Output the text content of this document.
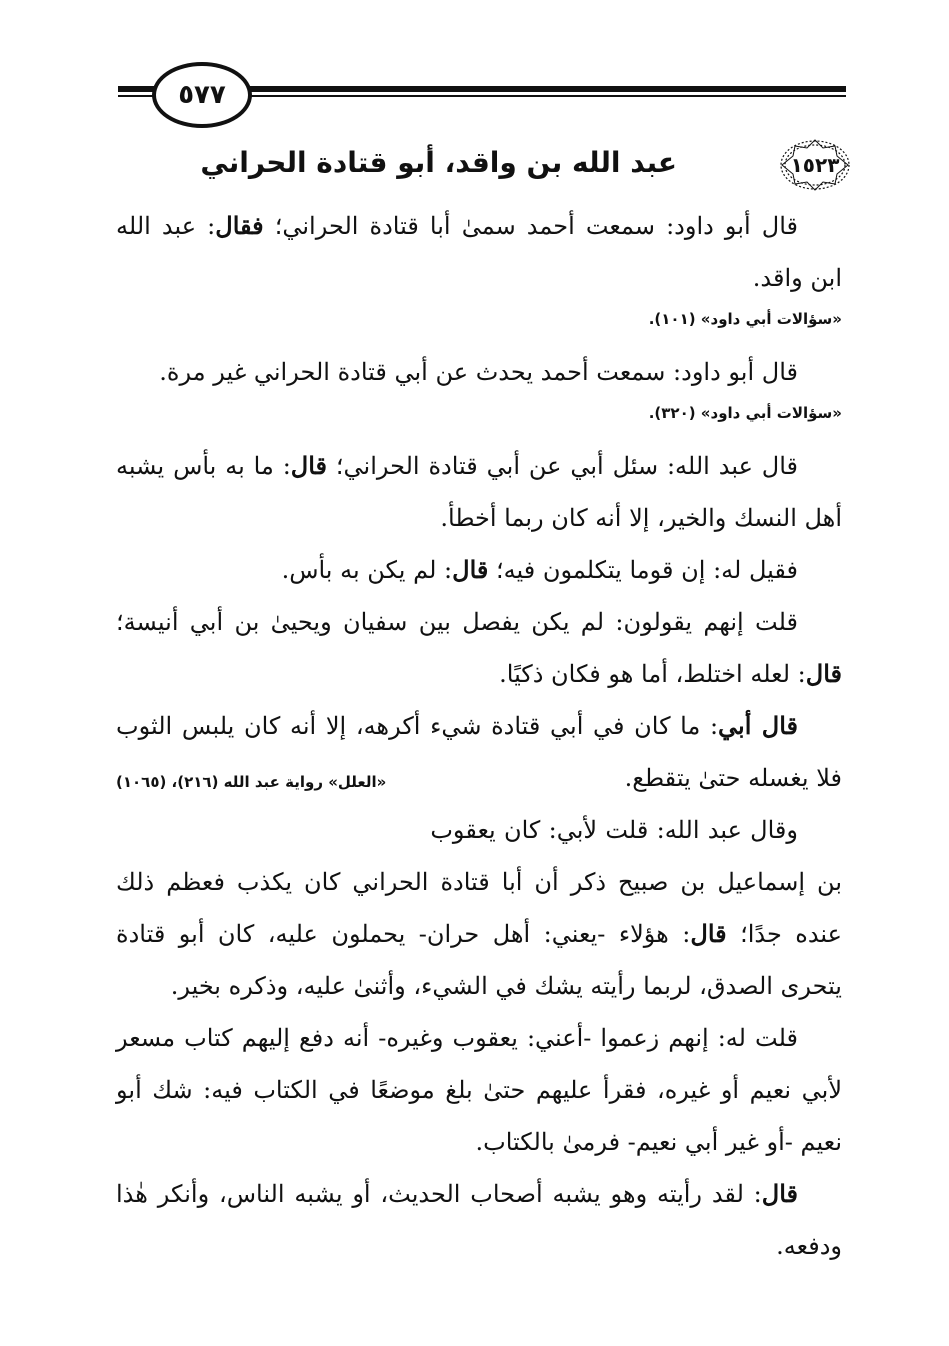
٥٧٧
عبد الله بن واقد، أبو قتادة الحراني	١٥٢٣

قال أبو داود: سمعت أحمد سمىٰ أبا قتادة الحراني؛ فقال: عبد الله ابن واقد.

«سؤالات أبي داود» (١٠١).

قال أبو داود: سمعت أحمد يحدث عن أبي قتادة الحراني غير مرة.

«سؤالات أبي داود» (٣٢٠).

قال عبد الله: سئل أبي عن أبي قتادة الحراني؛ قال: ما به بأس يشبه أهل النسك والخير، إلا أنه كان ربما أخطأ.

فقيل له: إن قوما يتكلمون فيه؛ قال: لم يكن به بأس.

قلت إنهم يقولون: لم يكن يفصل بين سفيان ويحيىٰ بن أبي أنيسة؛ قال: لعله اختلط، أما هو فكان ذكيًا.

قال أبي: ما كان في أبي قتادة شيء أكرهه، إلا أنه كان يلبس الثوب فلا يغسله حتىٰ يتقطع.
«العلل» رواية عبد الله (٢١٦)، (١٠٦٥)

وقال عبد الله: قلت لأبي: كان يعقوب بن إسماعيل بن صبيح ذكر أن أبا قتادة الحراني كان يكذب فعظم ذلك عنده جدًا؛ قال: هؤلاء -يعني: أهل حران- يحملون عليه، كان أبو قتادة يتحرى الصدق، لربما رأيته يشك في الشيء، وأثنىٰ عليه، وذكره بخير.

قلت له: إنهم زعموا -أعني: يعقوب وغيره- أنه دفع إليهم كتاب مسعر لأبي نعيم أو غيره، فقرأ عليهم حتىٰ بلغ موضعًا في الكتاب فيه: شك أبو نعيم -أو غير أبي نعيم- فرمىٰ بالكتاب.

قال: لقد رأيته وهو يشبه أصحاب الحديث، أو يشبه الناس، وأنكر هٰذا ودفعه.
